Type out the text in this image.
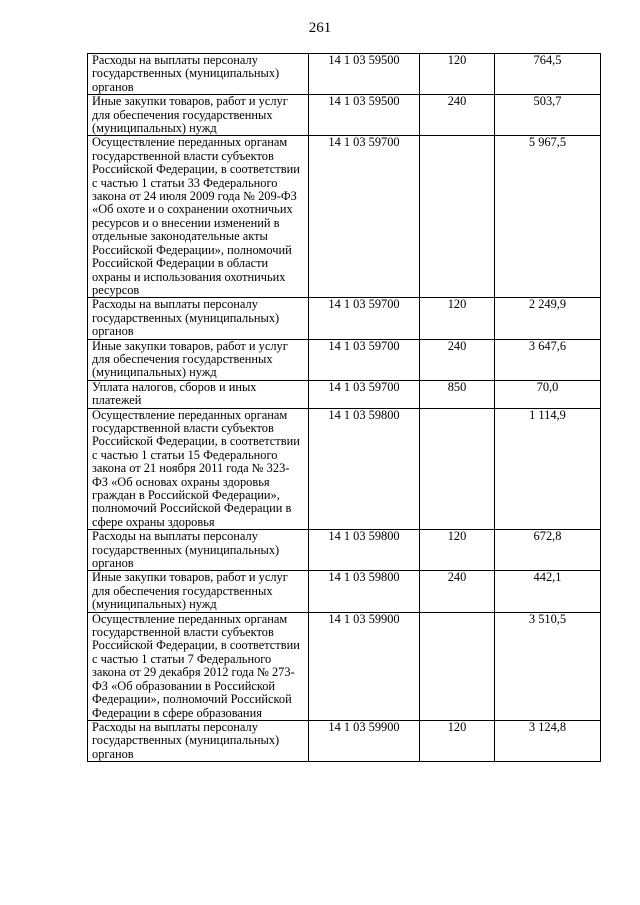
261
Расходы на выплаты персоналу государственных (муниципальных) органов	14 1 03 59500	120	764,5

Иные закупки товаров, работ и услуг для обеспечения государственных (муниципальных) нужд	14 1 03 59500	240	503,7

Осуществление переданных органам государственной власти субъектов Российской Федерации, в соответствии с частью 1 статьи 33 Федерального закона от 24 июля 2009 года № 209-ФЗ «Об охоте и о сохранении охотничьих ресурсов и о внесении изменений в отдельные законодательные акты Российской Федерации», полномочий Российской Федерации в области охраны и использования охотничьих ресурсов	14 1 03 59700		5 967,5

Расходы на выплаты персоналу государственных (муниципальных) органов	14 1 03 59700	120	2 249,9

Иные закупки товаров, работ и услуг для обеспечения государственных (муниципальных) нужд	14 1 03 59700	240	3 647,6

Уплата налогов, сборов и иных платежей	14 1 03 59700	850	70,0

Осуществление переданных органам государственной власти субъектов Российской Федерации, в соответствии с частью 1 статьи 15 Федерального закона от 21 ноября 2011 года № 323-ФЗ «Об основах охраны здоровья граждан в Российской Федерации», полномочий Российской Федерации в сфере охраны здоровья	14 1 03 59800		1 114,9

Расходы на выплаты персоналу государственных (муниципальных) органов	14 1 03 59800	120	672,8

Иные закупки товаров, работ и услуг для обеспечения государственных (муниципальных) нужд	14 1 03 59800	240	442,1

Осуществление переданных органам государственной власти субъектов Российской Федерации, в соответствии с частью 1 статьи 7 Федерального закона от 29 декабря 2012 года № 273-ФЗ «Об образовании в Российской Федерации», полномочий Российской Федерации в сфере образования	14 1 03 59900		3 510,5

Расходы на выплаты персоналу государственных (муниципальных) органов	14 1 03 59900	120	3 124,8
